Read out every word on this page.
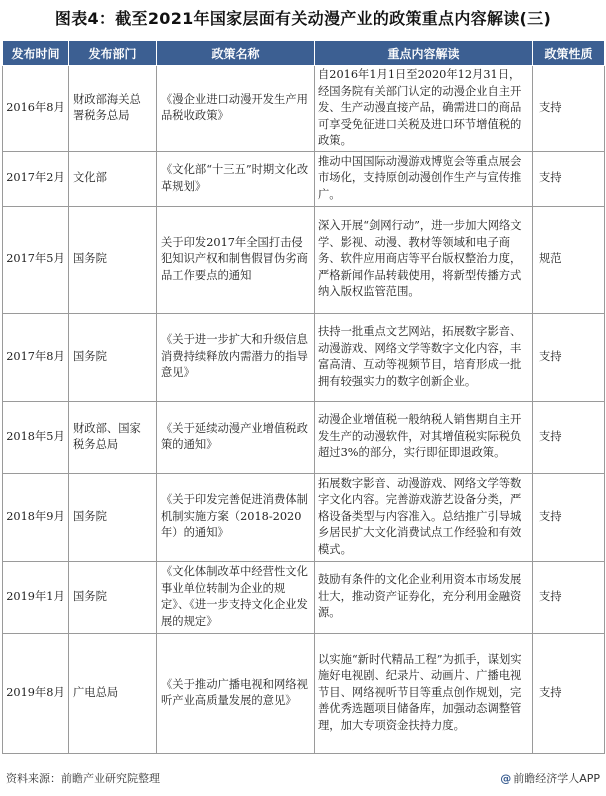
图表4：截至2021年国家层面有关动漫产业的政策重点内容解读(三)
发布时间	发布部门	政策名称	重点内容解读	政策性质
2016年8月	财政部海关总署税务总局	《漫企业进口动漫开发生产用品税收政策》	自2016年1月1日至2020年12月31日，经国务院有关部门认定的动漫企业自主开发、生产动漫直接产品，确需进口的商品可享受免征进口关税及进口环节增值税的政策。	支持
2017年2月	文化部	《文化部“十三五”时期文化改革规划》	推动中国国际动漫游戏博览会等重点展会市场化，支持原创动漫创作生产与宣传推广。	支持
2017年5月	国务院	关于印发2017年全国打击侵犯知识产权和制售假冒伪劣商品工作要点的通知	深入开展“剑网行动”，进一步加大网络文学、影视、动漫、教材等领域和电子商务、软件应用商店等平台版权整治力度，严格新闻作品转载使用，将新型传播方式纳入版权监管范围。	规范
2017年8月	国务院	《关于进一步扩大和升级信息消费持续释放内需潜力的指导意见》	扶持一批重点文艺网站，拓展数字影音、动漫游戏、网络文学等数字文化内容，丰富高清、互动等视频节目，培育形成一批拥有较强实力的数字创新企业。	支持
2018年5月	财政部、国家税务总局	《关于延续动漫产业增值税政策的通知》	动漫企业增值税一般纳税人销售期自主开发生产的动漫软件，对其增值税实际税负超过3%的部分，实行即征即退政策。	支持
2018年9月	国务院	《关于印发完善促进消费体制机制实施方案（2018-2020年）的通知》	拓展数字影音、动漫游戏、网络文学等数字文化内容。完善游戏游艺设备分类，严格设备类型与内容准入。总结推广引导城乡居民扩大文化消费试点工作经验和有效模式。	支持
2019年1月	国务院	《文化体制改革中经营性文化事业单位转制为企业的规定》、《进一步支持文化企业发展的规定》	鼓励有条件的文化企业利用资本市场发展壮大，推动资产证券化，充分利用金融资源。	支持
2019年8月	广电总局	《关于推动广播电视和网络视听产业高质量发展的意见》	以实施“新时代精品工程”为抓手，谋划实施好电视剧、纪录片、动画片、广播电视节目、网络视听节目等重点创作规划，完善优秀选题项目储备库，加强动态调整管理，加大专项资金扶持力度。	支持
资料来源：前瞻产业研究院整理	@ 前瞻经济学人APP
